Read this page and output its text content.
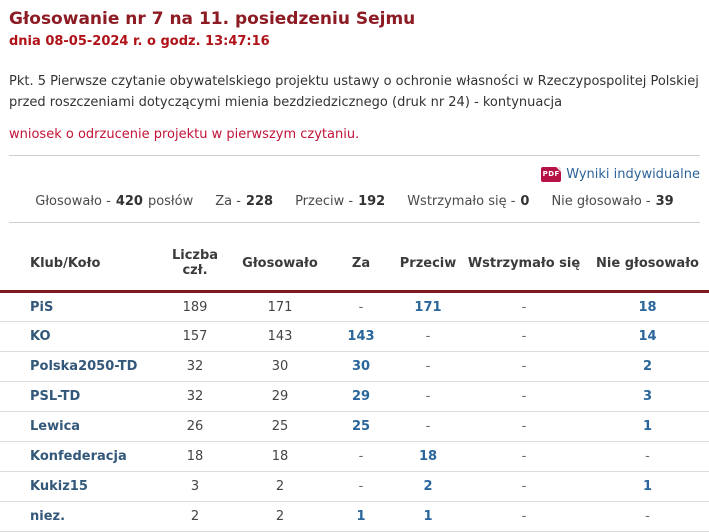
Głosowanie nr 7 na 11. posiedzeniu Sejmu
dnia 08-05-2024 r. o godz. 13:47:16

Pkt. 5 Pierwsze czytanie obywatelskiego projektu ustawy o ochronie własności w Rzeczypospolitej Polskiej przed roszczeniami dotyczącymi mienia bezdziedzicznego (druk nr 24) - kontynuacja

wniosek o odrzucenie projektu w pierwszym czytaniu.

PDF Wyniki indywidualne
Głosowało - 420 posłów Za - 228 Przeciw - 192 Wstrzymało się - 0 Nie głosowało - 39
Klub/Koło	Liczba czł.	Głosowało	Za	Przeciw	Wstrzymało się	Nie głosowało
PiS	189	171	-	171	-	18
KO	157	143	143	-	-	14
Polska2050-TD	32	30	30	-	-	2
PSL-TD	32	29	29	-	-	3
Lewica	26	25	25	-	-	1
Konfederacja	18	18	-	18	-	-
Kukiz15	3	2	-	2	-	1
niez.	2	2	1	1	-	-
